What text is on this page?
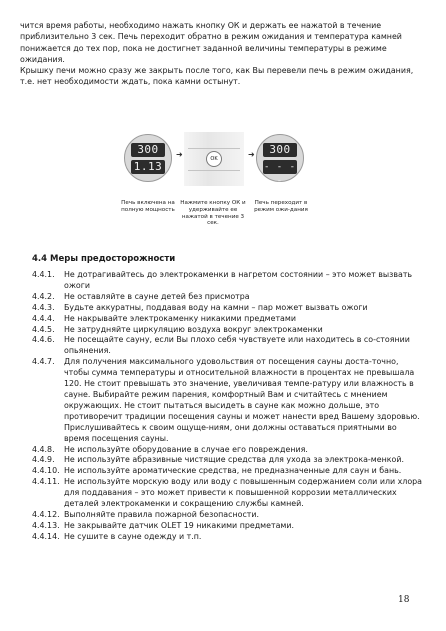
чится время работы, необходимо нажать кнопку ОК и держать ее нажатой в течение приблизительно 3 сек. Печь переходит обратно в режим ожидания и температура камней понижается до тех пор, пока не достигнет заданной величины температуры в режиме ожидания.

Крышку печи можно сразу же закрыть после того, как Вы перевели печь в режим ожидания, т.е. нет необходимости ждать, пока камни остынут.

300
1.13
➜	OK	➜	300
- - - -
Печь включена на полную мощность
Нажмите кнопку ОК и удерживайте ее нажатой в течение 3 сек.
Печь переходит в режим ожи-дания
4.4 Меры предосторожности
4.4.1.	Не дотрагивайтесь до электрокаменки в нагретом состоянии – это может вызвать ожоги
4.4.2.	Не оставляйте в сауне детей без присмотра
4.4.3.	Будьте аккуратны, поддавая воду на камни – пар может вызвать ожоги
4.4.4.	Не накрывайте электрокаменку никакими предметами
4.4.5.	Не затрудняйте циркуляцию воздуха вокруг электрокаменки
4.4.6.	Не посещайте сауну, если Вы плохо себя чувствуете или находитесь в со-стоянии опьянения.
4.4.7.	Для получения максимального удовольствия от посещения сауны доста-точно, чтобы сумма температуры и относительной влажности в процентах не превышала 120. Не стоит превышать это значение, увеличивая темпе-ратуру или влажность в сауне. Выбирайте режим парения, комфортный Вам и считайтесь с мнением окружающих. Не стоит пытаться высидеть в сауне как можно дольше, это противоречит традиции посещения сауны и может нанести вред Вашему здоровью. Прислушивайтесь к своим ощуще-ниям, они должны оставаться приятными во время посещения сауны.
4.4.8.	Не используйте оборудование в случае его повреждения.
4.4.9.	Не используйте абразивные чистящие средства для ухода за электрока-менкой.
4.4.10. Не используйте ароматические средства, не предназначенные для саун и бань.
4.4.11. Не используйте морскую воду или воду с повышенным содержанием соли или хлора для поддавания – это может привести к повышенной коррозии металлических деталей электрокаменки и сокращению службы камней.
4.4.12. Выполняйте правила пожарной безопасности.
4.4.13. Не закрывайте датчик OLET 19 никакими предметами.
4.4.14. Не сушите в сауне одежду и т.п.
18
